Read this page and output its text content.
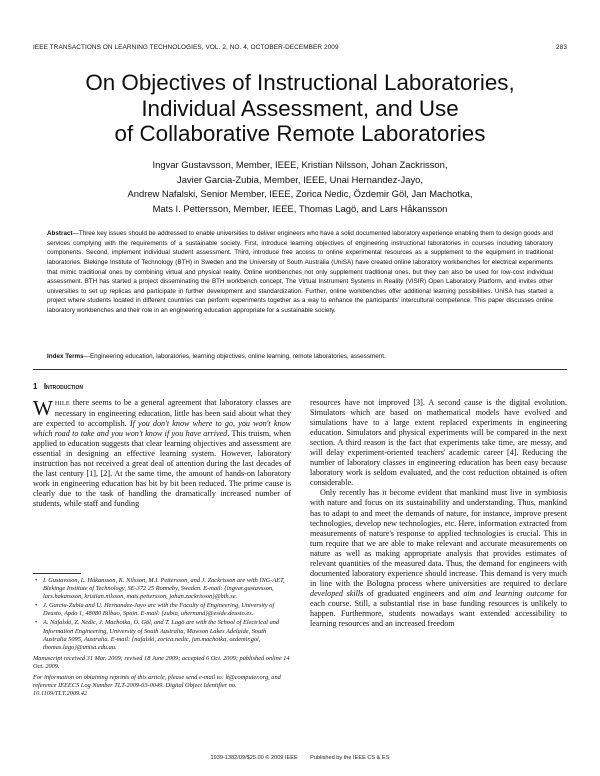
IEEE TRANSACTIONS ON LEARNING TECHNOLOGIES, VOL. 2, NO. 4, OCTOBER-DECEMBER 2009	283
On Objectives of Instructional Laboratories,
Individual Assessment, and Use
of Collaborative Remote Laboratories
Ingvar Gustavsson, Member, IEEE, Kristian Nilsson, Johan Zackrisson,
Javier Garcia-Zubia, Member, IEEE, Unai Hernandez-Jayo,
Andrew Nafalski, Senior Member, IEEE, Zorica Nedic, Özdemir Göl, Jan Machotka,
Mats I. Pettersson, Member, IEEE, Thomas Lagö, and Lars Håkansson

Abstract—Three key issues should be addressed to enable universities to deliver engineers who have a solid documented laboratory experience enabling them to design goods and services complying with the requirements of a sustainable society. First, introduce learning objectives of engineering instructional laboratories in courses including laboratory components. Second, implement individual student assessment. Third, introduce free access to online experimental resources as a supplement to the equipment in traditional laboratories. Blekinge Institute of Technology (BTH) in Sweden and the University of South Australia (UniSA) have created online laboratory workbenches for electrical experiments that mimic traditional ones by combining virtual and physical reality. Online workbenches not only supplement traditional ones, but they can also be used for low-cost individual assessment. BTH has started a project disseminating the BTH workbench concept, The Virtual Instrument Systems in Reality (VISIR) Open Laboratory Platform, and invites other universities to set up replicas and participate in further development and standardization. Further, online workbenches offer additional learning possibilities. UniSA has started a project where students located in different countries can perform experiments together as a way to enhance the participants' intercultural competence. This paper discusses online laboratory workbenches and their role in an engineering education appropriate for a sustainable society.

Index Terms—Engineering education, laboratories, learning objectives, online learning, remote laboratories, assessment.

1 Introduction

WHILE there seems to be a general agreement that laboratory classes are necessary in engineering education, little has been said about what they are expected to accomplish. If you don't know where to go, you won't know which road to take and you won't know if you have arrived. This truism, when applied to education suggests that clear learning objectives and assessment are essential in designing an effective learning system. However, laboratory instruction has not received a great deal of attention during the last decades of the last century [1], [2]. At the same time, the amount of hands-on laboratory work in engineering education has bit by bit been reduced. The prime cause is clearly due to the task of handling the dramatically increased number of students, while staff and funding

• I. Gustavsson, L. Håkansson, K. Nilsson, M.I. Pettersson, and J. Zackrisson are with ING-AET, Blekinge Institute of Technology, SE-372 25 Ronneby, Sweden. E-mail: {ingvar.gustavsson, lars.hakansson, kristian.nilsson, mats.pettersson, johan.zackrisson}@bth.se.
• J. Garcia-Zubia and U. Hernandez-Jayo are with the Faculty of Engineering, University of Deusto, Apdo 1, 48080 Bilbao, Spain. E-mail: {zubia, uhernand}@eside.deusto.es.
• A. Nafalski, Z. Nedic, J. Machotka, Ö. Göl, and T. Lagö are with the School of Electrical and Information Engineering, University of South Australia, Mawson Lakes Adelaide, South Australia 5095, Australia. E-mail: {nafalski, zorica.nedic, jan.machotka, ozdemir.gol, thomas.lago}@unisa.edu.au.
Manuscript received 31 Mar. 2009; revised 18 June 2009; accepted 6 Oct. 2009; published online 14 Oct. 2009.
For information on obtaining reprints of this article, please send e-mail to: lt@computer.org, and reference IEEECS Log Number TLT-2009-03-0049. Digital Object Identifier no. 10.1109/TLT.2009.42

resources have not improved [3]. A second cause is the digital evolution. Simulators which are based on mathematical models have evolved and simulations have to a large extent replaced experiments in engineering education. Simulators and physical experiments will be compared in the next section. A third reason is the fact that experiments take time, are messy, and will delay experiment-oriented teachers' academic career [4]. Reducing the number of laboratory classes in engineering education has been easy because laboratory work is seldom evaluated, and the cost reduction obtained is often considerable.

Only recently has it become evident that mankind must live in symbiosis with nature and focus on its sustainability and understanding. Thus, mankind has to adapt to and meet the demands of nature, for instance, improve present technologies, develop new technologies, etc. Here, information extracted from measurements of nature's response to applied technologies is crucial. This in turn require that we are able to make relevant and accurate measurements on nature as well as making appropriate analysis that provides estimates of relevant quantities of the measured data. Thus, the demand for engineers with documented laboratory experience should increase. This demand is very much in line with the Bologna process where universities are required to declare developed skills of graduated engineers and aim and learning outcome for each course. Still, a substantial rise in base funding resources is unlikely to happen. Furthermore, students nowadays want extended accessibility to learning resources and an increased freedom

1939-1382/09/$25.00 © 2009 IEEE        Published by the IEEE CS & ES
